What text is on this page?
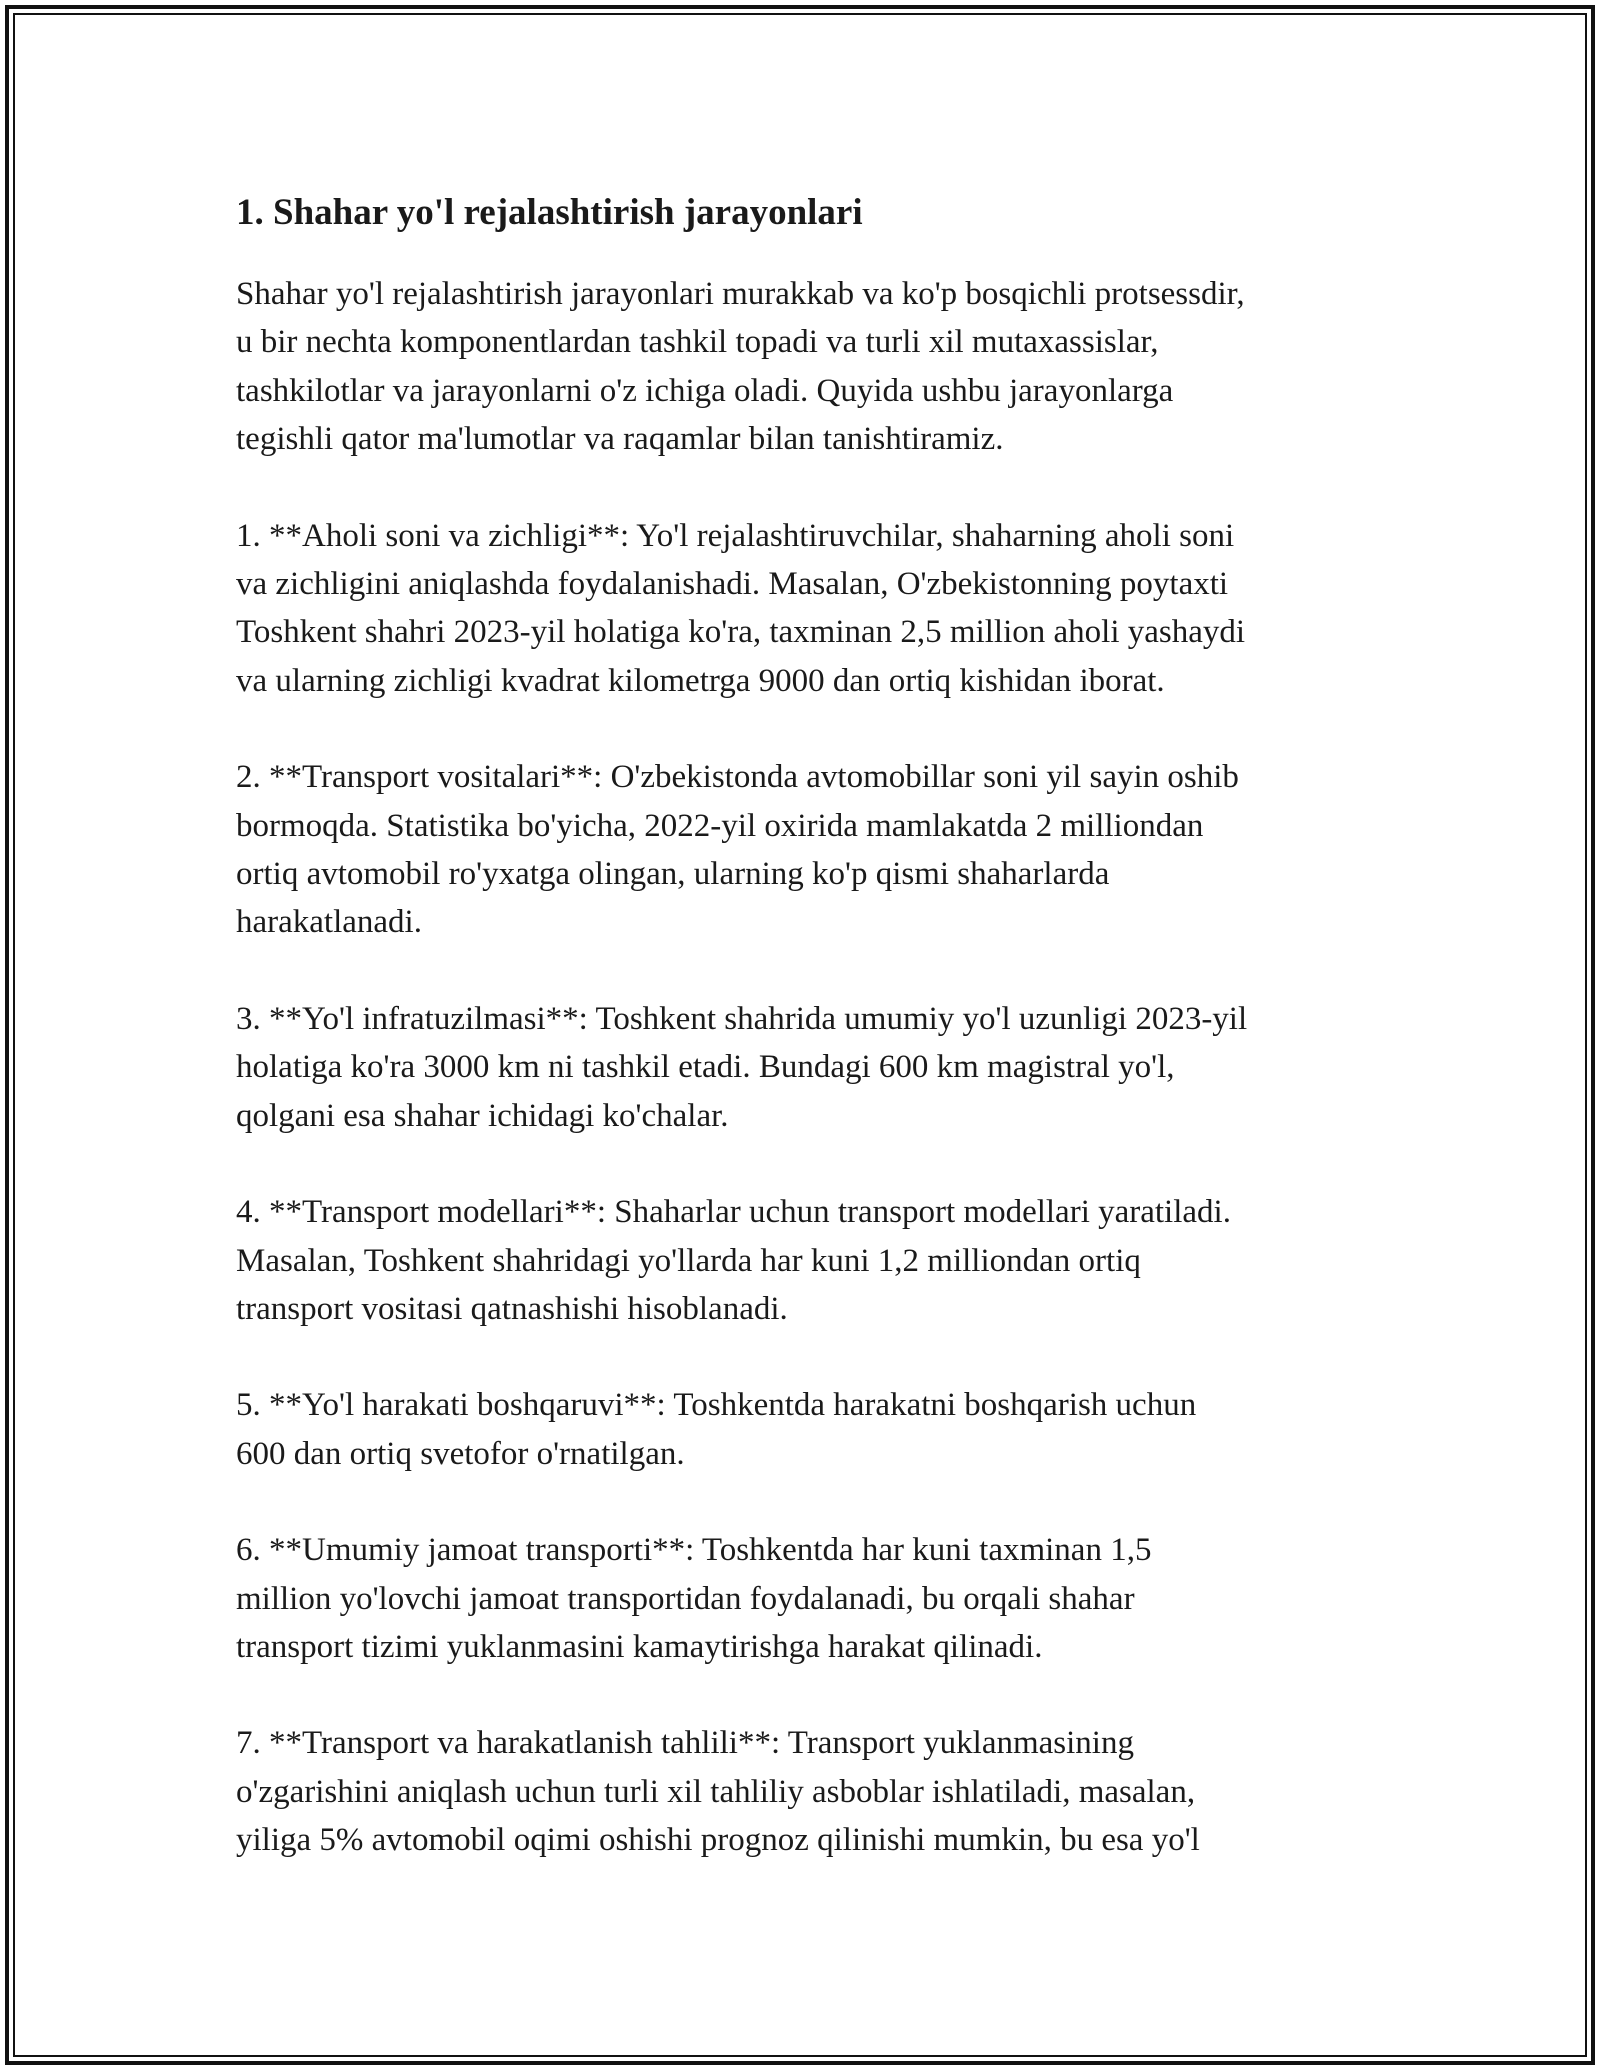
1. Shahar yo'l rejalashtirish jarayonlari
Shahar yo'l rejalashtirish jarayonlari murakkab va ko'p bosqichli protsessdir,
u bir nechta komponentlardan tashkil topadi va turli xil mutaxassislar,
tashkilotlar va jarayonlarni o'z ichiga oladi. Quyida ushbu jarayonlarga
tegishli qator ma'lumotlar va raqamlar bilan tanishtiramiz.
1. **Aholi soni va zichligi**: Yo'l rejalashtiruvchilar, shaharning aholi soni
va zichligini aniqlashda foydalanishadi. Masalan, O'zbekistonning poytaxti
Toshkent shahri 2023-yil holatiga ko'ra, taxminan 2,5 million aholi yashaydi
va ularning zichligi kvadrat kilometrga 9000 dan ortiq kishidan iborat.
2. **Transport vositalari**: O'zbekistonda avtomobillar soni yil sayin oshib
bormoqda. Statistika bo'yicha, 2022-yil oxirida mamlakatda 2 milliondan
ortiq avtomobil ro'yxatga olingan, ularning ko'p qismi shaharlarda
harakatlanadi.
3. **Yo'l infratuzilmasi**: Toshkent shahrida umumiy yo'l uzunligi 2023-yil
holatiga ko'ra 3000 km ni tashkil etadi. Bundagi 600 km magistral yo'l,
qolgani esa shahar ichidagi ko'chalar.
4. **Transport modellari**: Shaharlar uchun transport modellari yaratiladi.
Masalan, Toshkent shahridagi yo'llarda har kuni 1,2 milliondan ortiq
transport vositasi qatnashishi hisoblanadi.
5. **Yo'l harakati boshqaruvi**: Toshkentda harakatni boshqarish uchun
600 dan ortiq svetofor o'rnatilgan.
6. **Umumiy jamoat transporti**: Toshkentda har kuni taxminan 1,5
million yo'lovchi jamoat transportidan foydalanadi, bu orqali shahar
transport tizimi yuklanmasini kamaytirishga harakat qilinadi.
7. **Transport va harakatlanish tahlili**: Transport yuklanmasining
o'zgarishini aniqlash uchun turli xil tahliliy asboblar ishlatiladi, masalan,
yiliga 5% avtomobil oqimi oshishi prognoz qilinishi mumkin, bu esa yo'l
